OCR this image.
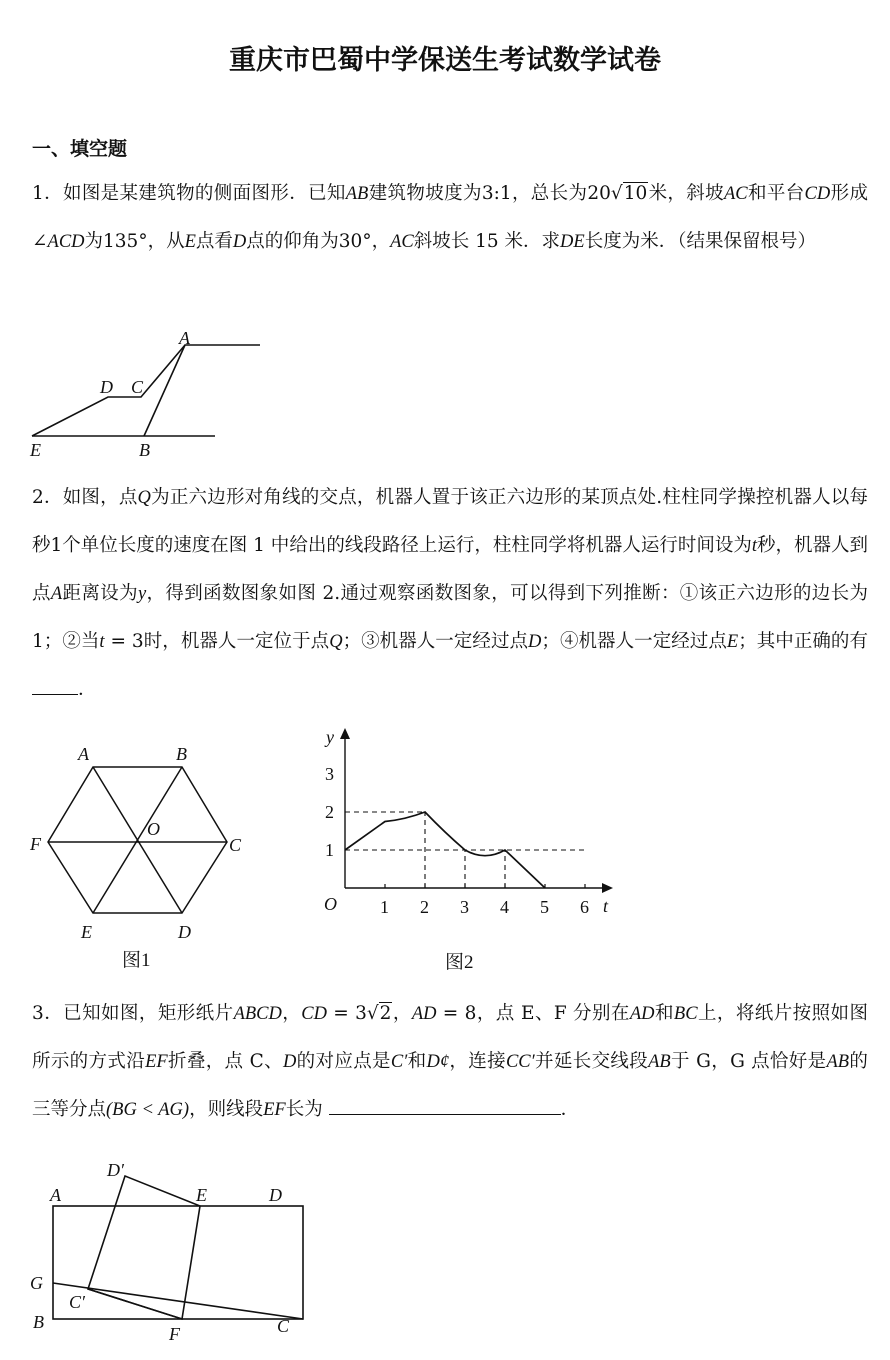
重庆市巴蜀中学保送生考试数学试卷
一、填空题
1．如图是某建筑物的侧面图形．已知AB建筑物坡度为3:1，总长为20√10米，斜坡AC和平台CD形成∠ACD为135°，从E点看D点的仰角为30°，AC斜坡长 15 米．求DE长度为米．（结果保留根号）
A
D C
E	B
2．如图，点Q为正六边形对角线的交点，机器人置于该正六边形的某顶点处.柱柱同学操控机器人以每秒1个单位长度的速度在图 1 中给出的线段路径上运行，柱柱同学将机器人运行时间设为t秒，机器人到点A距离设为y，得到函数图象如图 2.通过观察函数图象，可以得到下列推断：①该正六边形的边长为1；②当t = 3时，机器人一定位于点Q；③机器人一定经过点D；④机器人一定经过点E；其中正确的有．
A	B
C
D
E
F
O
图1
1 2 3 4 5 6
1
2
3
y
t
O
图2
3．已知如图，矩形纸片ABCD，CD = 3√2，AD = 8，点 E、F 分别在AD和BC上，将纸片按照如图所示的方式沿EF折叠，点 C、D的对应点是C′和D¢，连接CC′并延长交线段AB于 G，G 点恰好是AB的三等分点(BG < AG)，则线段EF长为	．
A	D
D′
E
G
C′
B
F	C
